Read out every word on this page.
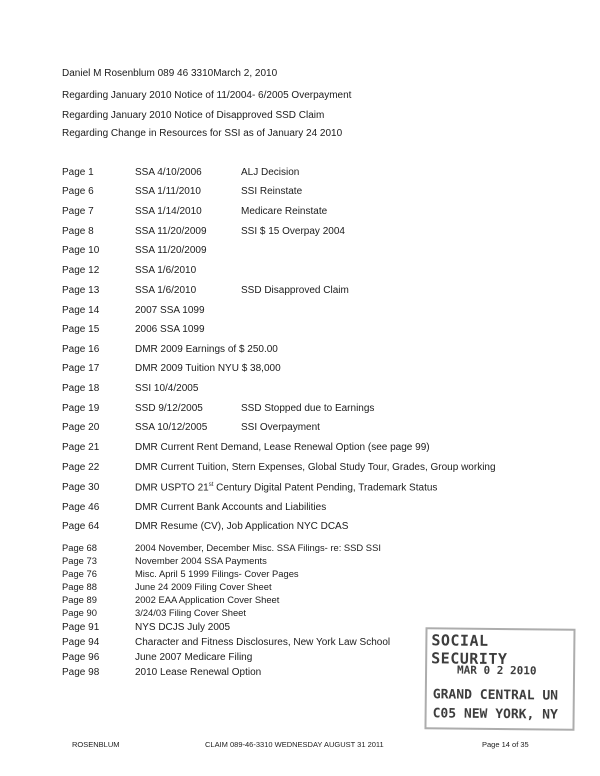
Daniel M Rosenblum 089 46 3310March 2, 2010
Regarding January 2010 Notice of 11/2004- 6/2005 Overpayment
Regarding January 2010 Notice of Disapproved SSD Claim
Regarding Change in Resources for SSI as of January 24 2010
Page 1	SSA 4/10/2006	ALJ Decision
Page 6	SSA 1/11/2010	SSI Reinstate
Page 7	SSA 1/14/2010	Medicare Reinstate
Page 8	SSA 11/20/2009	SSI $ 15 Overpay 2004
Page 10	SSA 11/20/2009
Page 12	SSA 1/6/2010
Page 13	SSA 1/6/2010	SSD Disapproved Claim
Page 14	2007 SSA 1099
Page 15	2006 SSA 1099
Page 16	DMR 2009 Earnings of $ 250.00
Page 17	DMR 2009 Tuition NYU $ 38,000
Page 18	SSI 10/4/2005
Page 19	SSD 9/12/2005	SSD Stopped due to Earnings
Page 20	SSA 10/12/2005	SSI Overpayment
Page 21	DMR Current Rent Demand, Lease Renewal Option (see page 99)
Page 22	DMR Current Tuition, Stern Expenses, Global Study Tour, Grades, Group working
Page 30	DMR USPTO 21st Century Digital Patent Pending, Trademark Status
Page 46	DMR Current Bank Accounts and Liabilities
Page 64	DMR Resume (CV), Job Application NYC DCAS
Page 68	2004 November, December Misc. SSA Filings- re: SSD SSI
Page 73	November 2004 SSA Payments
Page 76	Misc. April 5 1999 Filings- Cover Pages
Page 88	June 24 2009 Filing Cover Sheet
Page 89	2002 EAA Application Cover Sheet
Page 90	3/24/03 Filing Cover Sheet
Page 91	NYS DCJS July 2005
Page 94	Character and Fitness Disclosures, New York Law School
Page 96	June 2007 Medicare Filing
Page 98	2010 Lease Renewal Option
SOCIAL SECURITY
MAR 0 2 2010
GRAND CENTRAL UN
C05 NEW YORK, NY
ROSENBLUM	CLAIM 089-46-3310 WEDNESDAY AUGUST 31 2011	Page 14 of 35
